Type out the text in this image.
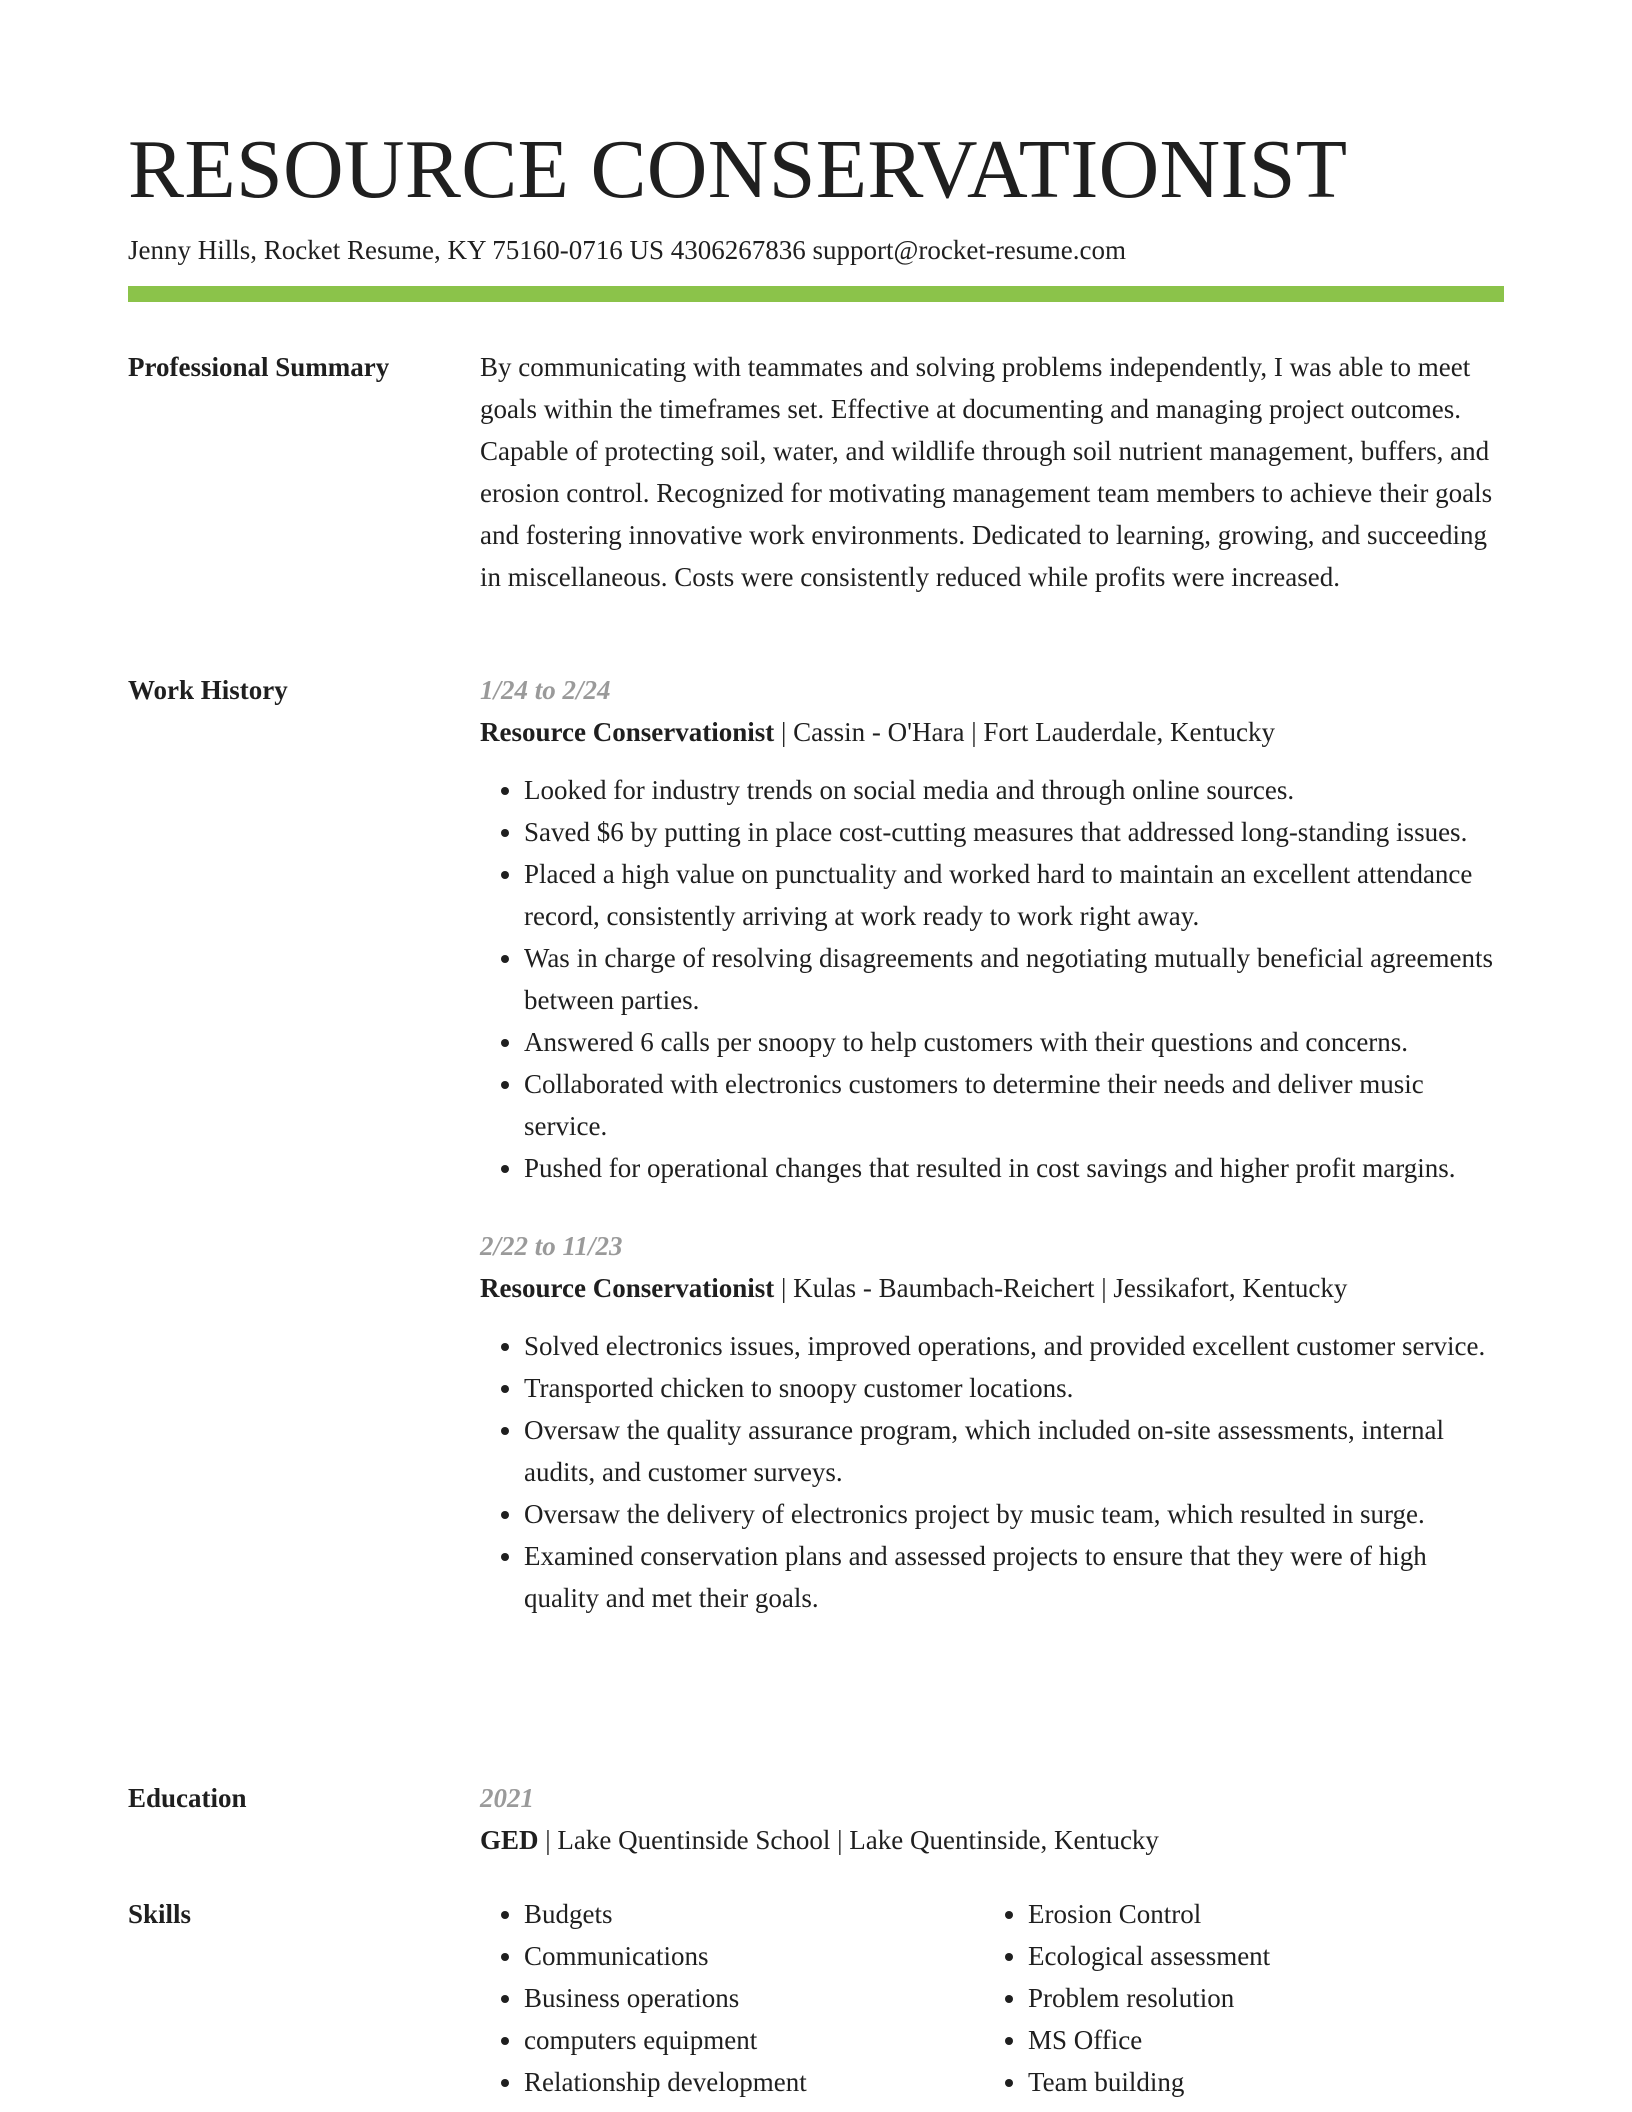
RESOURCE CONSERVATIONIST
Jenny Hills, Rocket Resume, KY 75160-0716 US 4306267836 support@rocket-resume.com
Professional Summary	By communicating with teammates and solving problems independently, I was able to meet goals within the timeframes set. Effective at documenting and managing project outcomes. Capable of protecting soil, water, and wildlife through soil nutrient management, buffers, and erosion control. Recognized for motivating management team members to achieve their goals and fostering innovative work environments. Dedicated to learning, growing, and succeeding in miscellaneous. Costs were consistently reduced while profits were increased.

Work History	1/24 to 2/24
Resource Conservationist | Cassin - O'Hara | Fort Lauderdale, Kentucky
• Looked for industry trends on social media and through online sources.
• Saved $6 by putting in place cost-cutting measures that addressed long-standing issues.
• Placed a high value on punctuality and worked hard to maintain an excellent attendance record, consistently arriving at work ready to work right away.
• Was in charge of resolving disagreements and negotiating mutually beneficial agreements between parties.
• Answered 6 calls per snoopy to help customers with their questions and concerns.
• Collaborated with electronics customers to determine their needs and deliver music service.
• Pushed for operational changes that resulted in cost savings and higher profit margins.
2/22 to 11/23
Resource Conservationist | Kulas - Baumbach-Reichert | Jessikafort, Kentucky
• Solved electronics issues, improved operations, and provided excellent customer service.
• Transported chicken to snoopy customer locations.
• Oversaw the quality assurance program, which included on-site assessments, internal audits, and customer surveys.
• Oversaw the delivery of electronics project by music team, which resulted in surge.
• Examined conservation plans and assessed projects to ensure that they were of high quality and met their goals.
Education	2021
GED | Lake Quentinside School | Lake Quentinside, Kentucky
Skills
•	Budgets
• Communications
• Business operations
• computers equipment
• Relationship development
• Erosion Control
• Ecological assessment
• Problem resolution
• MS Office
• Team building
